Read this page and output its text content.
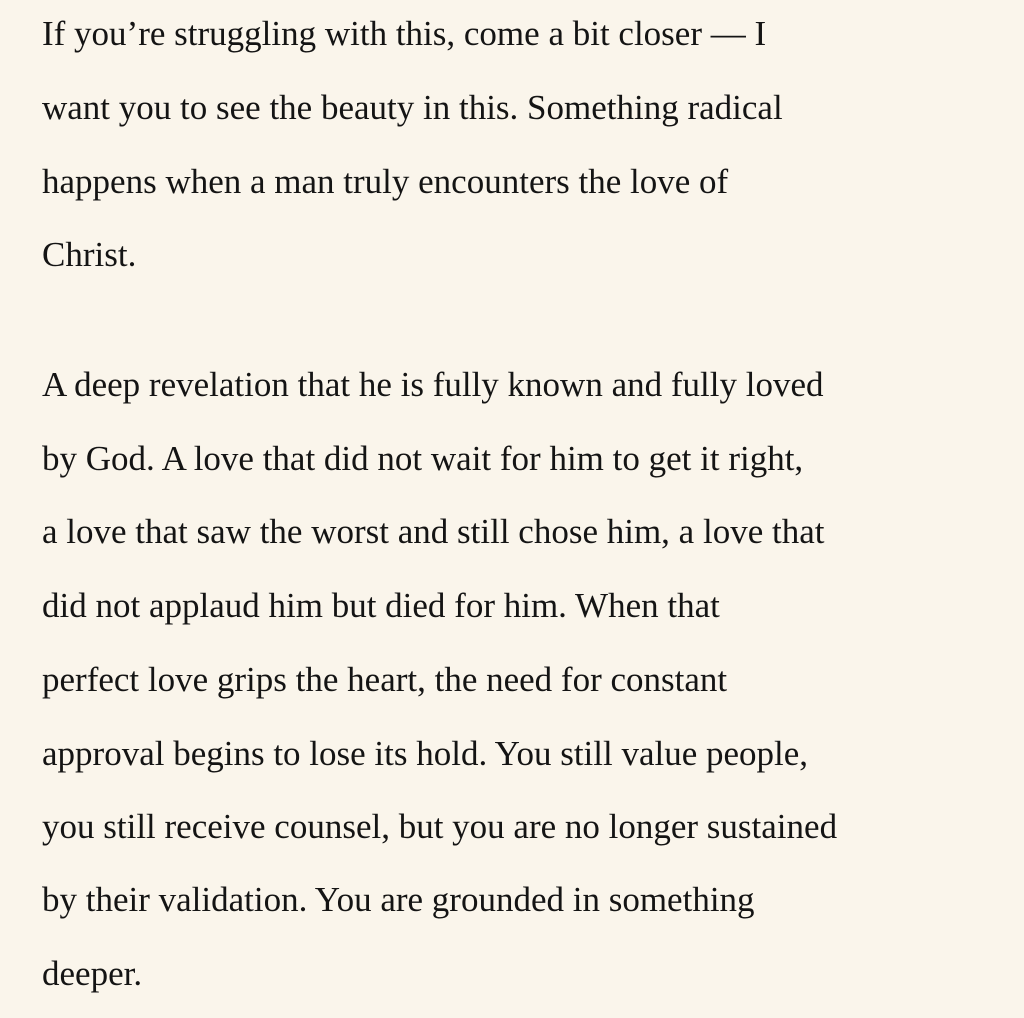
If you’re struggling with this, come a bit closer — I

want you to see the beauty in this. Something radical

happens when a man truly encounters the love of

Christ.

A deep revelation that he is fully known and fully loved

by God. A love that did not wait for him to get it right,

a love that saw the worst and still chose him, a love that

did not applaud him but died for him. When that

perfect love grips the heart, the need for constant

approval begins to lose its hold. You still value people,

you still receive counsel, but you are no longer sustained

by their validation. You are grounded in something

deeper.
